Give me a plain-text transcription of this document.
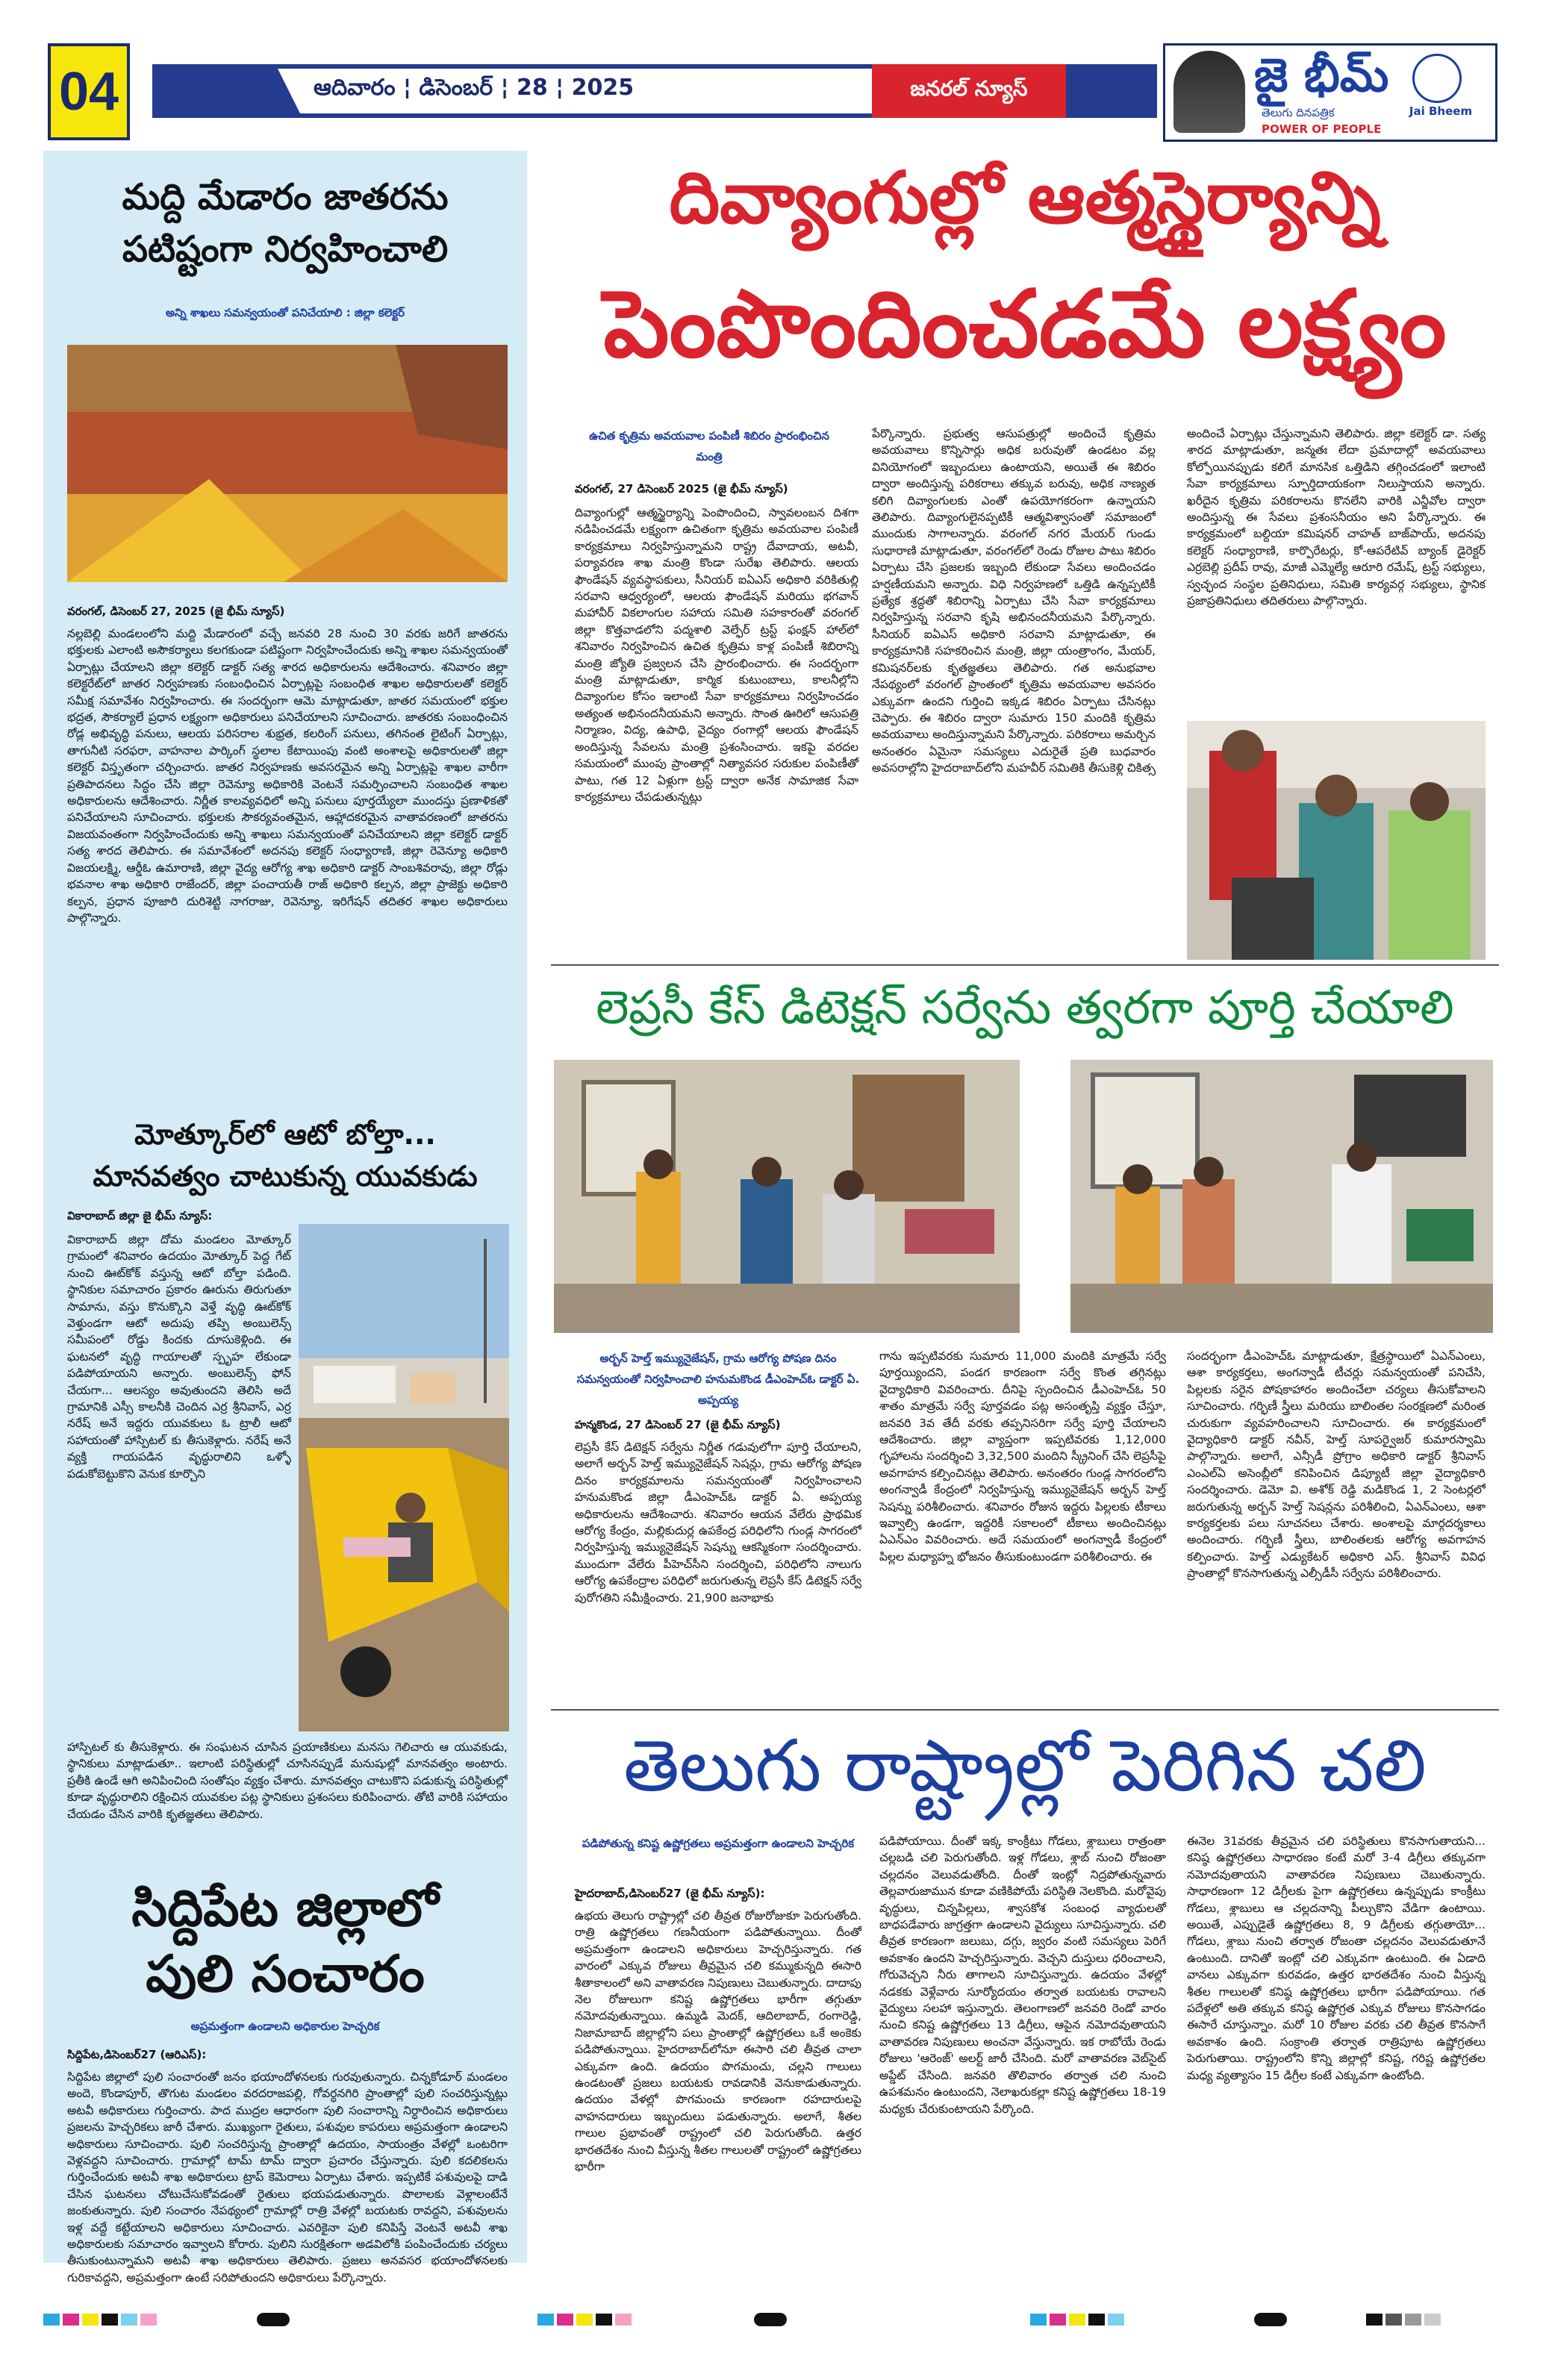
04	ఆదివారం ¦ డిసెంబర్ ¦ 28 ¦ 2025	జనరల్ న్యూస్	జై భీమ్
తెలుగు దినపత్రిక
POWER OF PEOPLE
Jai Bheem
మద్ది మేడారం జాతరను
పటిష్టంగా నిర్వహించాలి
అన్ని శాఖలు సమన్వయంతో పనిచేయాలి : జిల్లా కలెక్టర్
వరంగల్, డిసెంబర్ 27, 2025 (జై భీమ్ న్యూస్)
నల్లబెల్లి మండలంలోని మద్ది మేడారంలో వచ్చే జనవరి 28 నుంచి 30 వరకు జరిగే జాతరను భక్తులకు ఎలాంటి అసౌకర్యాలు కలగకుండా పటిష్టంగా నిర్వహించేందుకు అన్ని శాఖల సమన్వయంతో ఏర్పాట్లు చేయాలని జిల్లా కలెక్టర్ డాక్టర్ సత్య శారద అధికారులను ఆదేశించారు. శనివారం జిల్లా కలెక్టరేట్‌లో జాతర నిర్వహణకు సంబంధించిన ఏర్పాట్లపై సంబంధిత శాఖల అధికారులతో కలెక్టర్ సమీక్ష సమావేశం నిర్వహించారు. ఈ సందర్భంగా ఆమె మాట్లాడుతూ, జాతర సమయంలో భక్తుల భద్రత, సౌకర్యాలే ప్రధాన లక్ష్యంగా అధికారులు పనిచేయాలని సూచించారు. జాతరకు సంబంధించిన రోడ్ల అభివృద్ధి పనులు, ఆలయ పరిసరాల శుభ్రత, కలరింగ్ పనులు, తగినంత లైటింగ్ ఏర్పాట్లు, తాగునీటి సరఫరా, వాహనాల పార్కింగ్ స్థలాల కేటాయింపు వంటి అంశాలపై అధికారులతో జిల్లా కలెక్టర్ విస్తృతంగా చర్చించారు. జాతర నిర్వహణకు అవసరమైన అన్ని ఏర్పాట్లపై శాఖల వారీగా ప్రతిపాదనలు సిద్ధం చేసి జిల్లా రెవెన్యూ అధికారికి వెంటనే సమర్పించాలని సంబంధిత శాఖల అధికారులను ఆదేశించారు. నిర్ణీత కాలవ్యవధిలో అన్ని పనులు పూర్తయ్యేలా ముందస్తు ప్రణాళికతో పనిచేయాలని సూచించారు. భక్తులకు సౌకర్యవంతమైన, ఆహ్లాదకరమైన వాతావరణంలో జాతరను విజయవంతంగా నిర్వహించేందుకు అన్ని శాఖలు సమన్వయంతో పనిచేయాలని జిల్లా కలెక్టర్ డాక్టర్ సత్య శారద తెలిపారు. ఈ సమావేశంలో అదనపు కలెక్టర్ సంధ్యారాణి, జిల్లా రెవెన్యూ అధికారి విజయలక్ష్మి, ఆర్డీఓ ఉమారాణి, జిల్లా వైద్య ఆరోగ్య శాఖ అధికారి డాక్టర్ సాంబశివరావు, జిల్లా రోడ్లు భవనాల శాఖ అధికారి రాజేందర్, జిల్లా పంచాయతీ రాజ్ అధికారి కల్పన, జిల్లా ప్రాజెక్టు అధికారి కల్పన, ప్రధాన పూజారి దురిశెట్టి నాగరాజు, రెవెన్యూ, ఇరిగేషన్ తదితర శాఖల అధికారులు పాల్గొన్నారు.
మోత్కూర్‌లో ఆటో బోల్తా...
మానవత్వం చాటుకున్న యువకుడు
వికారాబాద్ జిల్లా జై భీమ్ న్యూస్:
వికారాబాద్ జిల్లా దోమ మండలం మోత్కూర్ గ్రామంలో శనివారం ఉదయం మోత్కూర్ పెద్ద గేట్ నుంచి ఊట్‌కోక్ వస్తున్న ఆటో బోల్తా పడింది. స్థానికుల సమాచారం ప్రకారం ఊరును తిరుగుతూ సామాను, వస్తు కొనుక్కొని వెళ్తే వృద్ధి ఊట్‌కోక్ వెళ్తుండగా ఆటో అదుపు తప్పి అంబులెన్స్ సమీపంలో రోడ్డు కిందకు దూసుకెళ్లింది. ఈ ఘటనలో వృద్ధి గాయాలతో స్పృహ లేకుండా పడిపోయాయని అన్నారు. అంబులెన్స్ ఫోన్ చేయగా... ఆలస్యం అవుతుందని తెలిసి అదే గ్రామానికి ఎస్సీ కాలనీకి చెందిన ఎర్ర శ్రీనివాస్, ఎర్ర నరేష్ అనే ఇద్దరు యువకులు ఓ ట్రాలీ ఆటో సహాయంతో హాస్పిటల్ కు తీసుకెళ్లారు. నరేష్ అనే వ్యక్తి గాయపడిన వృద్ధురాలిని ఒళ్ళో పడుకోబెట్టుకొని వెనుక కూర్చొని
హాస్పిటల్ కు తీసుకెళ్లారు. ఈ సంఘటన చూసిన ప్రయాణికులు మనసు గెలిచారు ఆ యువకుడు, స్థానికులు మాట్లాడుతూ.. ఇలాంటి పరిస్థితుల్లో చూసినప్పుడే మనుషుల్లో మానవత్వం అంటారు. ప్రతీకి ఉండే ఆగి అనిపించింది సంతోషం వ్యక్తం చేశారు. మానవత్వం చాటుకొని పడుకున్న పరిస్థితుల్లో కూడా వృద్ధురాలిని రక్షించిన యువకుల పట్ల స్థానికులు ప్రశంసలు కురిపించారు. తోటి వారికి సహాయం చేయడం చేసిన వారికి కృతజ్ఞతలు తెలిపారు.
సిద్దిపేట జిల్లాలో
పులి సంచారం
అప్రమత్తంగా ఉండాలని అధికారుల హెచ్చరిక
సిద్దిపేట,డిసెంబర్27 (ఆరిఎస్):
సిద్దిపేట జిల్లాలో పులి సంచారంతో జనం భయాందోళనలకు గురవుతున్నారు. చిన్నకోడూర్ మండలం అందె, కొండాపూర్, తొగుట మండలం వరదరాజపల్లి, గోవర్ధనగిరి ప్రాంతాల్లో పులి సంచరిస్తున్నట్లు అటవీ అధికారులు గుర్తించారు. పాద ముద్రల ఆధారంగా పులి సంచారాన్ని నిర్ధారించిన అధికారులు ప్రజలను హెచ్చరికలు జారీ చేశారు. ముఖ్యంగా రైతులు, పశువుల కాపరులు అప్రమత్తంగా ఉండాలని అధికారులు సూచించారు. పులి సంచరిస్తున్న ప్రాంతాల్లో ఉదయం, సాయంత్రం వేళల్లో ఒంటరిగా వెళ్లవద్దని సూచించారు. గ్రామాల్లో టామ్ టామ్ ద్వారా ప్రచారం చేస్తున్నారు. పులి కదలికలను గుర్తించేందుకు అటవీ శాఖ అధికారులు ట్రాప్ కెమెరాలు ఏర్పాటు చేశారు. ఇప్పటికే పశువులపై దాడి చేసిన ఘటనలు చోటుచేసుకోవడంతో రైతులు భయపడుతున్నారు. పొలాలకు వెళ్లాలంటేనే జంకుతున్నారు. పులి సంచారం నేపథ్యంలో గ్రామాల్లో రాత్రి వేళల్లో బయటకు రావద్దని, పశువులను ఇళ్ల వద్దే కట్టేయాలని అధికారులు సూచించారు. ఎవరికైనా పులి కనిపిస్తే వెంటనే అటవీ శాఖ అధికారులకు సమాచారం ఇవ్వాలని కోరారు. పులిని సురక్షితంగా అడవిలోకి పంపించేందుకు చర్యలు తీసుకుంటున్నామని అటవీ శాఖ అధికారులు తెలిపారు. ప్రజలు అనవసర భయాందోళనలకు గురికావద్దని, అప్రమత్తంగా ఉంటే సరిపోతుందని అధికారులు పేర్కొన్నారు.
దివ్యాంగుల్లో ఆత్మస్థైర్యాన్ని
పెంపొందించడమే లక్ష్యం
ఉచిత కృత్రిమ అవయవాల పంపిణీ శిబిరం ప్రారంభించిన మంత్రి
వరంగల్, 27 డిసెంబర్ 2025 (జై భీమ్ న్యూస్)
దివ్యాంగుల్లో ఆత్మస్థైర్యాన్ని పెంపొందించి, స్వావలంబన దిశగా నడిపించడమే లక్ష్యంగా ఉచితంగా కృత్రిమ అవయవాల పంపిణీ కార్యక్రమాలు నిర్వహిస్తున్నామని రాష్ట్ర దేవాదాయ, అటవీ, పర్యావరణ శాఖ మంత్రి కొండా సురేఖ తెలిపారు. ఆలయ ఫౌండేషన్ వ్యవస్థాపకులు, సీనియర్ ఐఏఎస్ అధికారి వరికితుల్లి సరవాని ఆధ్వర్యంలో, ఆలయ ఫౌండేషన్ మరియు భగవాన్ మహావీర్ వికలాంగుల సహాయ సమితి సహకారంతో వరంగల్ జిల్లా కొత్తవాడలోని పద్మశాలి వెల్ఫేర్ ట్రస్ట్ ఫంక్షన్ హాల్‌లో శనివారం నిర్వహించిన ఉచిత కృత్రిమ కాళ్ల పంపిణీ శిబిరాన్ని మంత్రి జ్యోతి ప్రజ్వలన చేసి ప్రారంభించారు. ఈ సందర్భంగా మంత్రి మాట్లాడుతూ, కార్మిక కుటుంబాలు, కాలనీల్లోని దివ్యాంగుల కోసం ఇలాంటి సేవా కార్యక్రమాలు నిర్వహించడం అత్యంత అభినందనీయమని అన్నారు. సొంత ఊరిలో ఆసుపత్రి నిర్మాణం, విద్య, ఉపాధి, వైద్యం రంగాల్లో ఆలయ ఫౌండేషన్ అందిస్తున్న సేవలను మంత్రి ప్రశంసించారు. ఇకపై వరదల సమయంలో ముంపు ప్రాంతాల్లో నిత్యావసర సరుకుల పంపిణీతో పాటు, గత 12 ఏళ్లుగా ట్రస్ట్ ద్వారా అనేక సామాజిక సేవా కార్యక్రమాలు చేపడుతున్నట్లు
పేర్కొన్నారు. ప్రభుత్వ ఆసుపత్రుల్లో అందించే కృత్రిమ అవయవాలు కొన్నిసార్లు అధిక బరువుతో ఉండటం వల్ల వినియోగంలో ఇబ్బందులు ఉంటాయని, అయితే ఈ శిబిరం ద్వారా అందిస్తున్న పరికరాలు తక్కువ బరువు, అధిక నాణ్యత కలిగి దివ్యాంగులకు ఎంతో ఉపయోగకరంగా ఉన్నాయని తెలిపారు. దివ్యాంగులైనప్పటికీ ఆత్మవిశ్వాసంతో సమాజంలో ముందుకు సాగాలన్నారు. వరంగల్ నగర మేయర్ గుండు సుధారాణి మాట్లాడుతూ, వరంగల్‌లో రెండు రోజుల పాటు శిబిరం ఏర్పాటు చేసి ప్రజలకు ఇబ్బంది లేకుండా సేవలు అందించడం హర్షణీయమని అన్నారు. విధి నిర్వహణలో ఒత్తిడి ఉన్నప్పటికీ ప్రత్యేక శ్రద్ధతో శిబిరాన్ని ఏర్పాటు చేసి సేవా కార్యక్రమాలు నిర్వహిస్తున్న సరవాని కృషి అభినందనీయమని పేర్కొన్నారు. సీనియర్ ఐఏఎస్ అధికారి సరవాని మాట్లాడుతూ, ఈ కార్యక్రమానికి సహకరించిన మంత్రి, జిల్లా యంత్రాంగం, మేయర్, కమిషనర్‌లకు కృతజ్ఞతలు తెలిపారు. గత అనుభవాల నేపథ్యంలో వరంగల్ ప్రాంతంలో కృత్రిమ అవయవాల అవసరం ఎక్కువగా ఉందని గుర్తించి ఇక్కడ శిబిరం ఏర్పాటు చేసినట్లు చెప్పారు. ఈ శిబిరం ద్వారా సుమారు 150 మందికి కృత్రిమ అవయవాలు అందిస్తున్నామని పేర్కొన్నారు. పరికరాలు అమర్చిన అనంతరం ఏమైనా సమస్యలు ఎదురైతే ప్రతి బుధవారం అవసరాల్లోని హైదరాబాద్‌లోని మహవీర్ సమితికి తీసుకెళ్లి చికిత్స
అందించే ఏర్పాట్లు చేస్తున్నామని తెలిపారు. జిల్లా కలెక్టర్ డా. సత్య శారద మాట్లాడుతూ, జన్మతః లేదా ప్రమాదాల్లో అవయవాలు కోల్పోయినప్పుడు కలిగే మానసిక ఒత్తిడిని తగ్గించడంలో ఇలాంటి సేవా కార్యక్రమాలు స్ఫూర్తిదాయకంగా నిలుస్తాయని అన్నారు. ఖరీదైన కృత్రిమ పరికరాలను కొనలేని వారికి ఎన్జీవోల ద్వారా అందిస్తున్న ఈ సేవలు ప్రశంసనీయం అని పేర్కొన్నారు. ఈ కార్యక్రమంలో బల్దియా కమిషనర్ చాహత్ బాజ్‌పాయ్, అదనపు కలెక్టర్ సంధ్యారాణి, కార్పొరేటర్లు, కో-ఆపరేటివ్ బ్యాంక్ డైరెక్టర్ ఎర్రబెల్లి ప్రదీప్ రావు, మాజీ ఎమ్మెల్యే ఆరూరి రమేష్, ట్రస్ట్ సభ్యులు, స్వచ్ఛంద సంస్థల ప్రతినిధులు, సమితి కార్యవర్గ సభ్యులు, స్థానిక ప్రజాప్రతినిధులు తదితరులు పాల్గొన్నారు.
లెప్రసీ కేస్ డిటెక్షన్ సర్వేను త్వరగా పూర్తి చేయాలి
అర్బన్ హెల్త్ ఇమ్యునైజేషన్, గ్రామ ఆరోగ్య పోషణ దినం సమన్వయంతో నిర్వహించాలి హనుమకొండ డీఎంహెచ్‌ఓ డాక్టర్ ఏ. అప్పయ్య
హన్మకొండ, 27 డిసెంబర్ 27 (జై భీమ్ న్యూస్)
లెప్రసీ కేస్ డిటెక్షన్ సర్వేను నిర్ణీత గడువులోగా పూర్తి చేయాలని, అలాగే అర్బన్ హెల్త్ ఇమ్యునైజేషన్ సెషన్లు, గ్రామ ఆరోగ్య పోషణ దినం కార్యక్రమాలను సమన్వయంతో నిర్వహించాలని హనుమకొండ జిల్లా డీఎంహెచ్‌ఓ డాక్టర్ ఏ. అప్పయ్య అధికారులను ఆదేశించారు. శనివారం ఆయన వేలేరు ప్రాథమిక ఆరోగ్య కేంద్రం, మల్లికుదుర్ల ఉపకేంద్ర పరిధిలోని గుండ్ల సాగరంలో నిర్వహిస్తున్న ఇమ్యునైజేషన్ సెషన్ను ఆకస్మికంగా సందర్శించారు. ముందుగా వేలేరు పీహెచ్‌సీని సందర్శించి, పరిధిలోని నాలుగు ఆరోగ్య ఉపకేంద్రాల పరిధిలో జరుగుతున్న లెప్రసీ కేస్ డిటెక్షన్ సర్వే పురోగతిని సమీక్షించారు. 21,900 జనాభాకు
గాను ఇప్పటివరకు సుమారు 11,000 మందికి మాత్రమే సర్వే పూర్తయ్యిందని, పండగ కారణంగా సర్వే కొంత తగ్గినట్లు వైద్యాధికారి వివరించారు. దీనిపై స్పందించిన డీఎంహెచ్‌ఓ 50 శాతం మాత్రమే సర్వే పూర్తవడం పట్ల అసంతృప్తి వ్యక్తం చేస్తూ, జనవరి 3వ తేదీ వరకు తప్పనిసరిగా సర్వే పూర్తి చేయాలని ఆదేశించారు. జిల్లా వ్యాప్తంగా ఇప్పటివరకు 1,12,000 గృహాలను సందర్శించి 3,32,500 మందిని స్క్రీనింగ్ చేసి లెప్రసీపై అవగాహన కల్పించినట్లు తెలిపారు. అనంతరం గుండ్ల సాగరంలోని అంగన్వాడీ కేంద్రంలో నిర్వహిస్తున్న ఇమ్యునైజేషన్ అర్బన్ హెల్త్ సెషన్ను పరిశీలించారు. శనివారం రోజున ఇద్దరు పిల్లలకు టీకాలు ఇవ్వాల్సి ఉండగా, ఇద్దరికీ సకాలంలో టీకాలు అందించినట్లు ఏఎన్‌ఎం వివరించారు. అదే సమయంలో అంగన్వాడీ కేంద్రంలో పిల్లల మధ్యాహ్న భోజనం తీసుకుంటుండగా పరిశీలించారు. ఈ
సందర్భంగా డీఎంహెచ్‌ఓ మాట్లాడుతూ, క్షేత్రస్థాయిలో ఏఎన్‌ఎంలు, ఆశా కార్యకర్తలు, అంగన్వాడీ టీచర్లు సమన్వయంతో పనిచేసి, పిల్లలకు సరైన పోషకాహారం అందించేలా చర్యలు తీసుకోవాలని సూచించారు. గర్భిణీ స్త్రీలు మరియు బాలింతల సంరక్షణలో మరింత చురుకుగా వ్యవహరించాలని సూచించారు. ఈ కార్యక్రమంలో వైద్యాధికారి డాక్టర్ నవీన్, హెల్త్ సూపర్వైజర్ కుమారస్వామి పాల్గొన్నారు. అలాగే, ఎన్సీడీ ప్రోగ్రాం అధికారి డాక్టర్ శ్రీనివాస్ ఎంఎల్ఏ అసెంబ్లీలో కనిపించిన డిప్యూటీ జిల్లా వైద్యాధికారి సందర్శించారు. డెమో వి. అశోక్ రెడ్డి మడికొండ 1, 2 సెంటర్లలో జరుగుతున్న అర్బన్ హెల్త్ సెషన్లను పరిశీలించి, ఏఎన్‌ఎంలు, ఆశా కార్యకర్తలకు పలు సూచనలు చేశారు. అంశాలపై మార్గదర్శకాలు అందించారు. గర్భిణీ స్త్రీలు, బాలింతలకు ఆరోగ్య అవగాహన కల్పించారు. హెల్త్ ఎడ్యుకేటర్ అధికారి ఎస్. శ్రీనివాస్ వివిధ ప్రాంతాల్లో కొనసాగుతున్న ఎల్సీడీసీ సర్వేను పరిశీలించారు.
తెలుగు రాష్ట్రాల్లో పెరిగిన చలి
పడిపోతున్న కనిష్ట ఉష్ణోగ్రతలు అప్రమత్తంగా ఉండాలని హెచ్చరిక
హైదరాబాద్,డిసెంబర్27 (జై భీమ్ న్యూస్):
ఉభయ తెలుగు రాష్ట్రాల్లో చలి తీవ్రత రోజురోజుకూ పెరుగుతోంది. రాత్రి ఉష్ణోగ్రతలు గణనీయంగా పడిపోతున్నాయి. దీంతో అప్రమత్తంగా ఉండాలని అధికారులు హెచ్చరిస్తున్నారు. గత వారంలో ఎక్కువ రోజులు తీవ్రమైన చలి కమ్ముకున్నది ఈసారి శీతాకాలంలో అని వాతావరణ నిపుణులు చెబుతున్నారు. దాదాపు నెల రోజులుగా కనిష్ట ఉష్ణోగ్రతలు భారీగా తగ్గుతూ నమోదవుతున్నాయి. ఉమ్మడి మెదక్, ఆదిలాబాద్, రంగారెడ్డి, నిజామాబాద్ జిల్లాల్లోని పలు ప్రాంతాల్లో ఉష్ణోగ్రతలు ఒకే అంకెకు పడిపోతున్నాయి. హైదరాబాద్‌లోనూ ఈసారి చలి తీవ్రత చాలా ఎక్కువగా ఉంది. ఉదయం పొగమంచు, చల్లని గాలులు ఉండటంతో ప్రజలు బయటకు రావడానికి వెనుకాడుతున్నారు. ఉదయం వేళల్లో పొగమంచు కారణంగా రహదారులపై వాహనదారులు ఇబ్బందులు పడుతున్నారు. అలాగే, శీతల గాలుల ప్రభావంతో రాష్ట్రంలో చలి పెరుగుతోంది. ఉత్తర భారతదేశం నుంచి వీస్తున్న శీతల గాలులతో రాష్ట్రంలో ఉష్ణోగ్రతలు భారీగా
పడిపోయాయి. దీంతో ఇక్క కాంక్రీటు గోడలు, శ్లాబులు రాత్రంతా చల్లబడి చలి పెరుగుతోంది. ఇళ్ల గోడలు, శ్లాబ్ నుంచి రోజంతా చల్లదనం వెలువడుతోంది. దీంతో ఇంట్లో నిద్రపోతున్నవారు తెల్లవారుజామున కూడా వణికిపోయే పరిస్థితి నెలకొంది. మరోవైపు వృద్ధులు, చిన్నపిల్లలు, శ్వాసకోశ సంబంధ వ్యాధులతో బాధపడేవారు జాగ్రత్తగా ఉండాలని వైద్యులు సూచిస్తున్నారు. చలి తీవ్రత కారణంగా జలుబు, దగ్గు, జ్వరం వంటి సమస్యలు పెరిగే అవకాశం ఉందని హెచ్చరిస్తున్నారు. వెచ్చని దుస్తులు ధరించాలని, గోరువెచ్చని నీరు తాగాలని సూచిస్తున్నారు. ఉదయం వేళల్లో నడకకు వెళ్లేవారు సూర్యోదయం తర్వాత బయటకు రావాలని వైద్యులు సలహా ఇస్తున్నారు. తెలంగాణలో జనవరి రెండో వారం నుంచి కనిష్ట ఉష్ణోగ్రతలు 13 డిగ్రీలు, ఆపైన నమోదవుతాయని వాతావరణ నిపుణులు అంచనా వేస్తున్నారు. ఇక రాబోయే రెండు రోజులు 'ఆరెంజ్' అలర్ట్ జారీ చేసింది. మరో వాతావరణ వెబ్‌సైట్ అప్డేట్ చేసింది. జనవరి తొలివారం తర్వాత చలి నుంచి ఉపశమనం ఉంటుందని, నెలాఖరుకల్లా కనిష్ట ఉష్ణోగ్రతలు 18-19 మధ్యకు చేరుకుంటాయని పేర్కొంది.
ఈనెల 31వరకు తీవ్రమైన చలి పరిస్థితులు కొనసాగుతాయని... కనిష్ఠ ఉష్ణోగ్రతలు సాధారణం కంటే మరో 3-4 డిగ్రీలు తక్కువగా నమోదవుతాయని వాతావరణ నిపుణులు చెబుతున్నారు. సాధారణంగా 12 డిగ్రీలకు పైగా ఉష్ణోగ్రతలు ఉన్నప్పుడు కాంక్రీటు గోడలు, శ్లాబులు ఆ చల్లదనాన్ని పీల్చుకొని వేడిగా ఉంటాయి. అయితే, ఎప్పుడైతే ఉష్ణోగ్రతలు 8, 9 డిగ్రీలకు తగ్గుతాయో... గోడలు, శ్లాబు నుంచి తర్వాత రోజంతా చల్లదనం వెలువడుతూనే ఉంటుంది. దానితో ఇంట్లో చలి ఎక్కువగా ఉంటుంది. ఈ ఏడాది వానలు ఎక్కువగా కురవడం, ఉత్తర భారతదేశం నుంచి వీస్తున్న శీతల గాలులతో కనిష్ఠ ఉష్ణోగ్రతలు భారీగా పడిపోయాయి. గత పదేళ్లలో అతి తక్కువ కనిష్ఠ ఉష్ణోగ్రత ఎక్కువ రోజులు కొనసాగడం ఈసారే చూస్తున్నాం. మరో 10 రోజుల వరకు చలి తీవ్రత కొనసాగే అవకాశం ఉంది. సంక్రాంతి తర్వాత రాత్రిపూట ఉష్ణోగ్రతలు పెరుగుతాయి. రాష్ట్రంలోని కొన్ని జిల్లాల్లో కనిష్ట, గరిష్ట ఉష్ణోగ్రతల మధ్య వ్యత్యాసం 15 డిగ్రీల కంటే ఎక్కువగా ఉంటోంది.
